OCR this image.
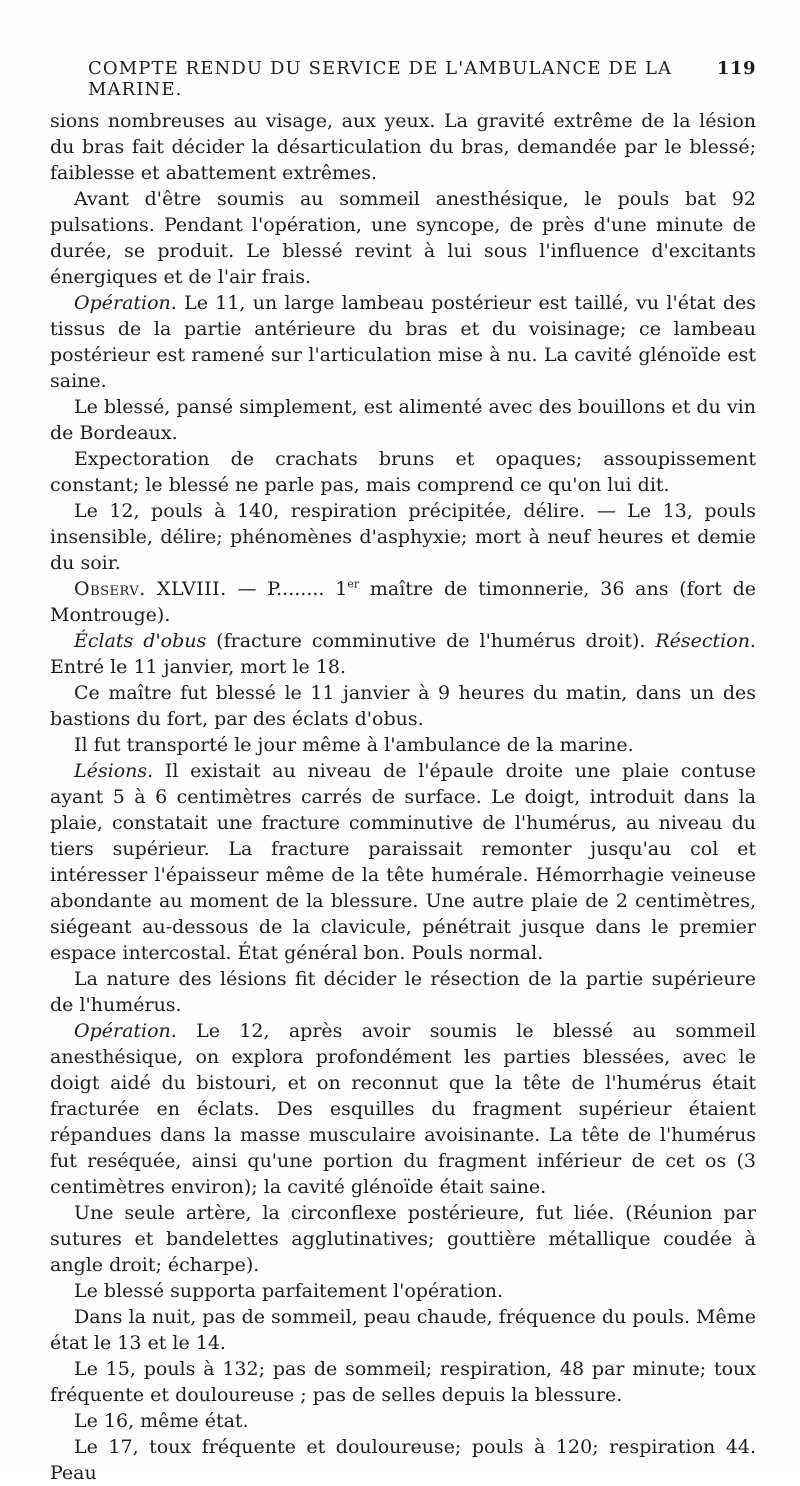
COMPTE RENDU DU SERVICE DE L'AMBULANCE DE LA MARINE.
119

sions nombreuses au visage, aux yeux. La gravité extrême de la lésion du bras fait décider la désarticulation du bras, demandée par le blessé; faiblesse et abattement extrêmes.

Avant d'être soumis au sommeil anesthésique, le pouls bat 92 pulsations. Pendant l'opération, une syncope, de près d'une minute de durée, se produit. Le blessé revint à lui sous l'influence d'excitants énergiques et de l'air frais.

Opération. Le 11, un large lambeau postérieur est taillé, vu l'état des tissus de la partie antérieure du bras et du voisinage; ce lambeau postérieur est ramené sur l'articulation mise à nu. La cavité glénoïde est saine.

Le blessé, pansé simplement, est alimenté avec des bouillons et du vin de Bordeaux.

Expectoration de crachats bruns et opaques; assoupissement constant; le blessé ne parle pas, mais comprend ce qu'on lui dit.

Le 12, pouls à 140, respiration précipitée, délire. — Le 13, pouls insensible, délire; phénomènes d'asphyxie; mort à neuf heures et demie du soir.

Observ. XLVIII. — P........ 1er maître de timonnerie, 36 ans (fort de Montrouge).

Éclats d'obus (fracture comminutive de l'humérus droit). Résection. Entré le 11 janvier, mort le 18.

Ce maître fut blessé le 11 janvier à 9 heures du matin, dans un des bastions du fort, par des éclats d'obus.

Il fut transporté le jour même à l'ambulance de la marine.

Lésions. Il existait au niveau de l'épaule droite une plaie contuse ayant 5 à 6 centimètres carrés de surface. Le doigt, introduit dans la plaie, constatait une fracture comminutive de l'humérus, au niveau du tiers supérieur. La fracture paraissait remonter jusqu'au col et intéresser l'épaisseur même de la tête humérale. Hémorrhagie veineuse abondante au moment de la blessure. Une autre plaie de 2 centimètres, siégeant au-dessous de la clavicule, pénétrait jusque dans le premier espace intercostal. État général bon. Pouls normal.

La nature des lésions fit décider le résection de la partie supérieure de l'humérus.

Opération. Le 12, après avoir soumis le blessé au sommeil anesthésique, on explora profondément les parties blessées, avec le doigt aidé du bistouri, et on reconnut que la tête de l'humérus était fracturée en éclats. Des esquilles du fragment supérieur étaient répandues dans la masse musculaire avoisinante. La tête de l'humérus fut reséquée, ainsi qu'une portion du fragment inférieur de cet os (3 centimètres environ); la cavité glénoïde était saine.

Une seule artère, la circonflexe postérieure, fut liée. (Réunion par sutures et bandelettes agglutinatives; gouttière métallique coudée à angle droit; écharpe).

Le blessé supporta parfaitement l'opération.

Dans la nuit, pas de sommeil, peau chaude, fréquence du pouls. Même état le 13 et le 14.

Le 15, pouls à 132; pas de sommeil; respiration, 48 par minute; toux fréquente et douloureuse ; pas de selles depuis la blessure.

Le 16, même état.

Le 17, toux fréquente et douloureuse; pouls à 120; respiration 44. Peau
